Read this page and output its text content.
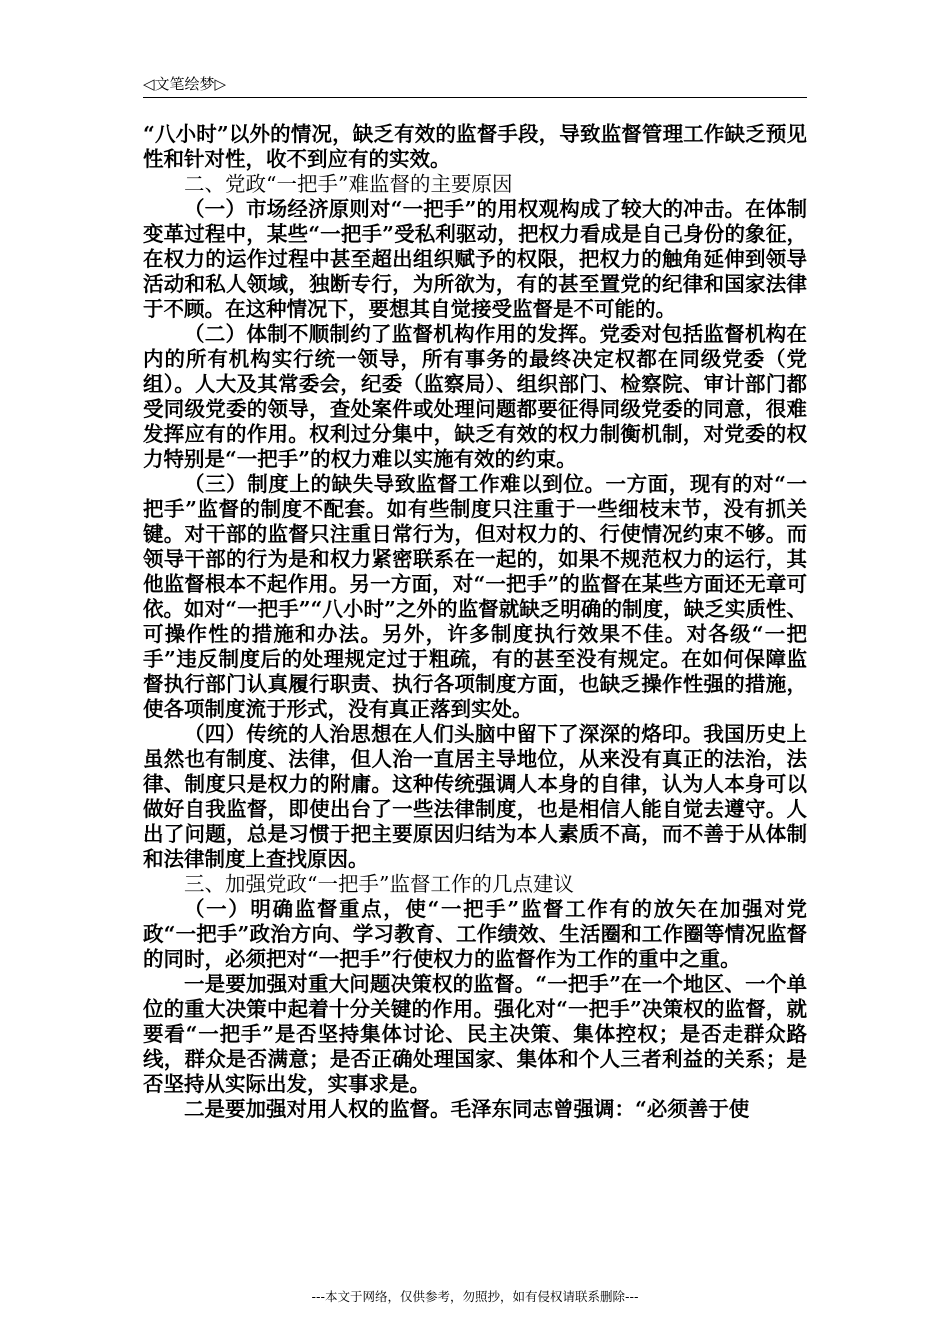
◁文笔绘梦▷

“八小时”以外的情况，缺乏有效的监督手段，导致监督管理工作缺乏预见性和针对性，收不到应有的实效。

二、党政“一把手”难监督的主要原因

（一）市场经济原则对“一把手”的用权观构成了较大的冲击。在体制变革过程中，某些“一把手”受私利驱动，把权力看成是自己身份的象征，在权力的运作过程中甚至超出组织赋予的权限，把权力的触角延伸到领导活动和私人领域，独断专行，为所欲为，有的甚至置党的纪律和国家法律于不顾。在这种情况下，要想其自觉接受监督是不可能的。

（二）体制不顺制约了监督机构作用的发挥。党委对包括监督机构在内的所有机构实行统一领导，所有事务的最终决定权都在同级党委（党组）。人大及其常委会，纪委（监察局）、组织部门、检察院、审计部门都受同级党委的领导，查处案件或处理问题都要征得同级党委的同意，很难发挥应有的作用。权利过分集中，缺乏有效的权力制衡机制，对党委的权力特别是“一把手”的权力难以实施有效的约束。

（三）制度上的缺失导致监督工作难以到位。一方面，现有的对“一把手”监督的制度不配套。如有些制度只注重于一些细枝末节，没有抓关键。对干部的监督只注重日常行为，但对权力的、行使情况约束不够。而领导干部的行为是和权力紧密联系在一起的，如果不规范权力的运行，其他监督根本不起作用。另一方面，对“一把手”的监督在某些方面还无章可依。如对“一把手”“八小时”之外的监督就缺乏明确的制度，缺乏实质性、可操作性的措施和办法。另外，许多制度执行效果不佳。对各级“一把手”违反制度后的处理规定过于粗疏，有的甚至没有规定。在如何保障监督执行部门认真履行职责、执行各项制度方面，也缺乏操作性强的措施，使各项制度流于形式，没有真正落到实处。

（四）传统的人治思想在人们头脑中留下了深深的烙印。我国历史上虽然也有制度、法律，但人治一直居主导地位，从来没有真正的法治，法律、制度只是权力的附庸。这种传统强调人本身的自律，认为人本身可以做好自我监督，即使出台了一些法律制度，也是相信人能自觉去遵守。人出了问题，总是习惯于把主要原因归结为本人素质不高，而不善于从体制和法律制度上查找原因。

三、加强党政“一把手”监督工作的几点建议

（一）明确监督重点，使“一把手”监督工作有的放矢在加强对党政“一把手”政治方向、学习教育、工作绩效、生活圈和工作圈等情况监督的同时，必须把对“一把手”行使权力的监督作为工作的重中之重。

一是要加强对重大问题决策权的监督。“一把手”在一个地区、一个单位的重大决策中起着十分关键的作用。强化对“一把手”决策权的监督，就要看“一把手”是否坚持集体讨论、民主决策、集体控权；是否走群众路线，群众是否满意；是否正确处理国家、集体和个人三者利益的关系；是否坚持从实际出发，实事求是。

二是要加强对用人权的监督。毛泽东同志曾强调：“必须善于使

---本文于网络，仅供参考，勿照抄，如有侵权请联系删除---
